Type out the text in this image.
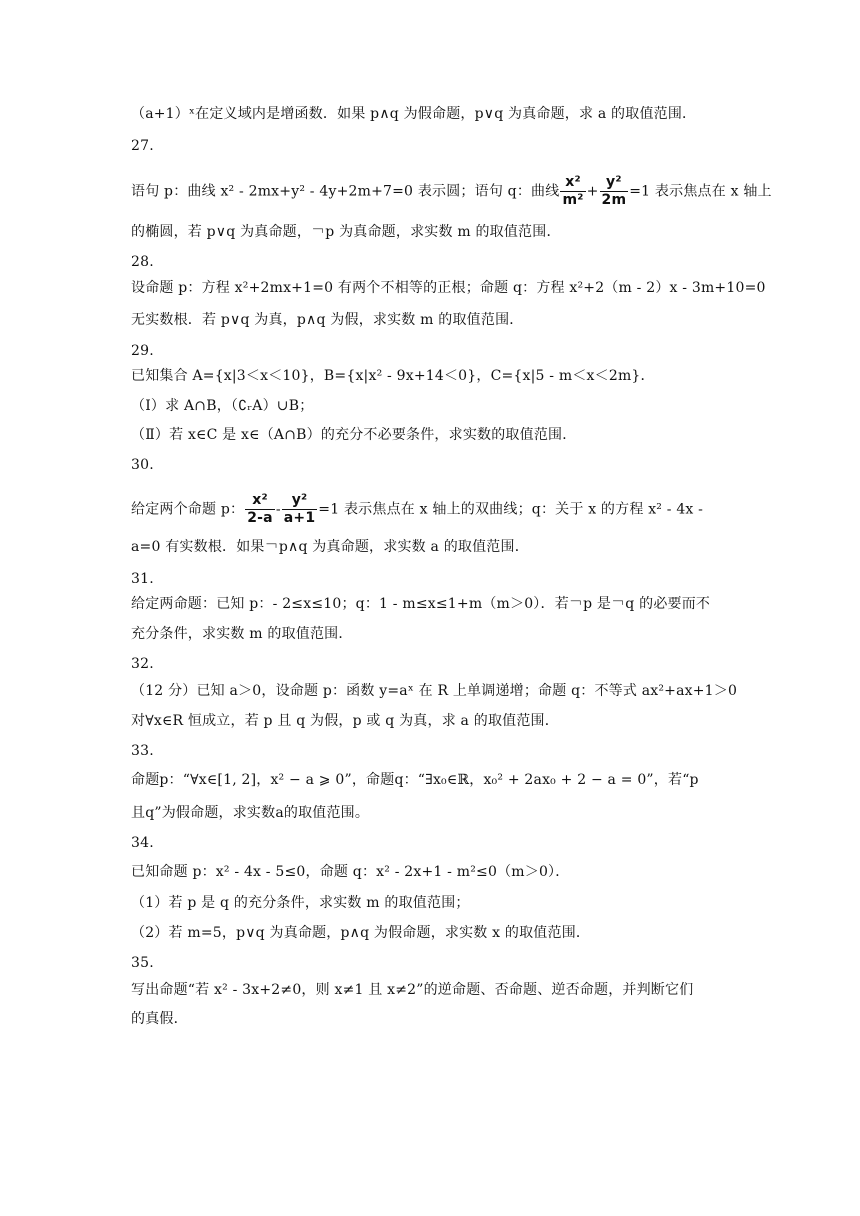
（a+1）ˣ在定义域内是增函数．如果 p∧q 为假命题，p∨q 为真命题，求 a 的取值范围．
27.
语句 p：曲线 x² - 2mx+y² - 4y+2m+7=0 表示圆；语句 q：曲线 $\frac{\text{x²}}{\text{m²}} + \frac{\text{y²}}{2m} =1$ 表示焦点在 x 轴上
的椭圆，若 p∨q 为真命题，￢p 为真命题，求实数 m 的取值范围．
28.
设命题 p：方程 x²+2mx+1=0 有两个不相等的正根；命题 q：方程 x²+2（m - 2）x - 3m+10=0
无实数根．若 p∨q 为真，p∧q 为假，求实数 m 的取值范围．
29.
已知集合 A={x|3＜x＜10}，B={x|x² - 9x+14＜0}，C={x|5 - m＜x＜2m}．
（Ⅰ）求 A∩B，（∁ᵣA）∪B；
（Ⅱ）若 x∈C 是 x∈（A∩B）的充分不必要条件，求实数的取值范围．
30.
给定两个命题 p： $\frac{\text{x²}}{2-a} - \frac{\text{y²}}{a+1} =1$ 表示焦点在 x 轴上的双曲线；q：关于 x 的方程 x² - 4x -
a=0 有实数根．如果￢p∧q 为真命题，求实数 a 的取值范围．
31.
给定两命题：已知 p：- 2≤x≤10；q：1 - m≤x≤1+m（m＞0）．若￢p 是￢q 的必要而不
充分条件，求实数 m 的取值范围．
32.
（12 分）已知 a＞0，设命题 p：函数 y=aˣ 在 R 上单调递增；命题 q：不等式 ax²+ax+1＞0
对∀x∈R 恒成立，若 p 且 q 为假，p 或 q 为真，求 a 的取值范围．
33.
命题p：“∀x∈[1, 2]，x² − a ⩾ 0”，命题q：“∃x₀∈ℝ，x₀² + 2ax₀ + 2 − a = 0”，若“p
且q”为假命题，求实数a的取值范围。
34.
已知命题 p：x² - 4x - 5≤0，命题 q：x² - 2x+1 - m²≤0（m＞0）．
（1）若 p 是 q 的充分条件，求实数 m 的取值范围；
（2）若 m=5，p∨q 为真命题，p∧q 为假命题，求实数 x 的取值范围．
35.
写出命题“若 x² - 3x+2≠0，则 x≠1 且 x≠2”的逆命题、否命题、逆否命题，并判断它们
的真假．
